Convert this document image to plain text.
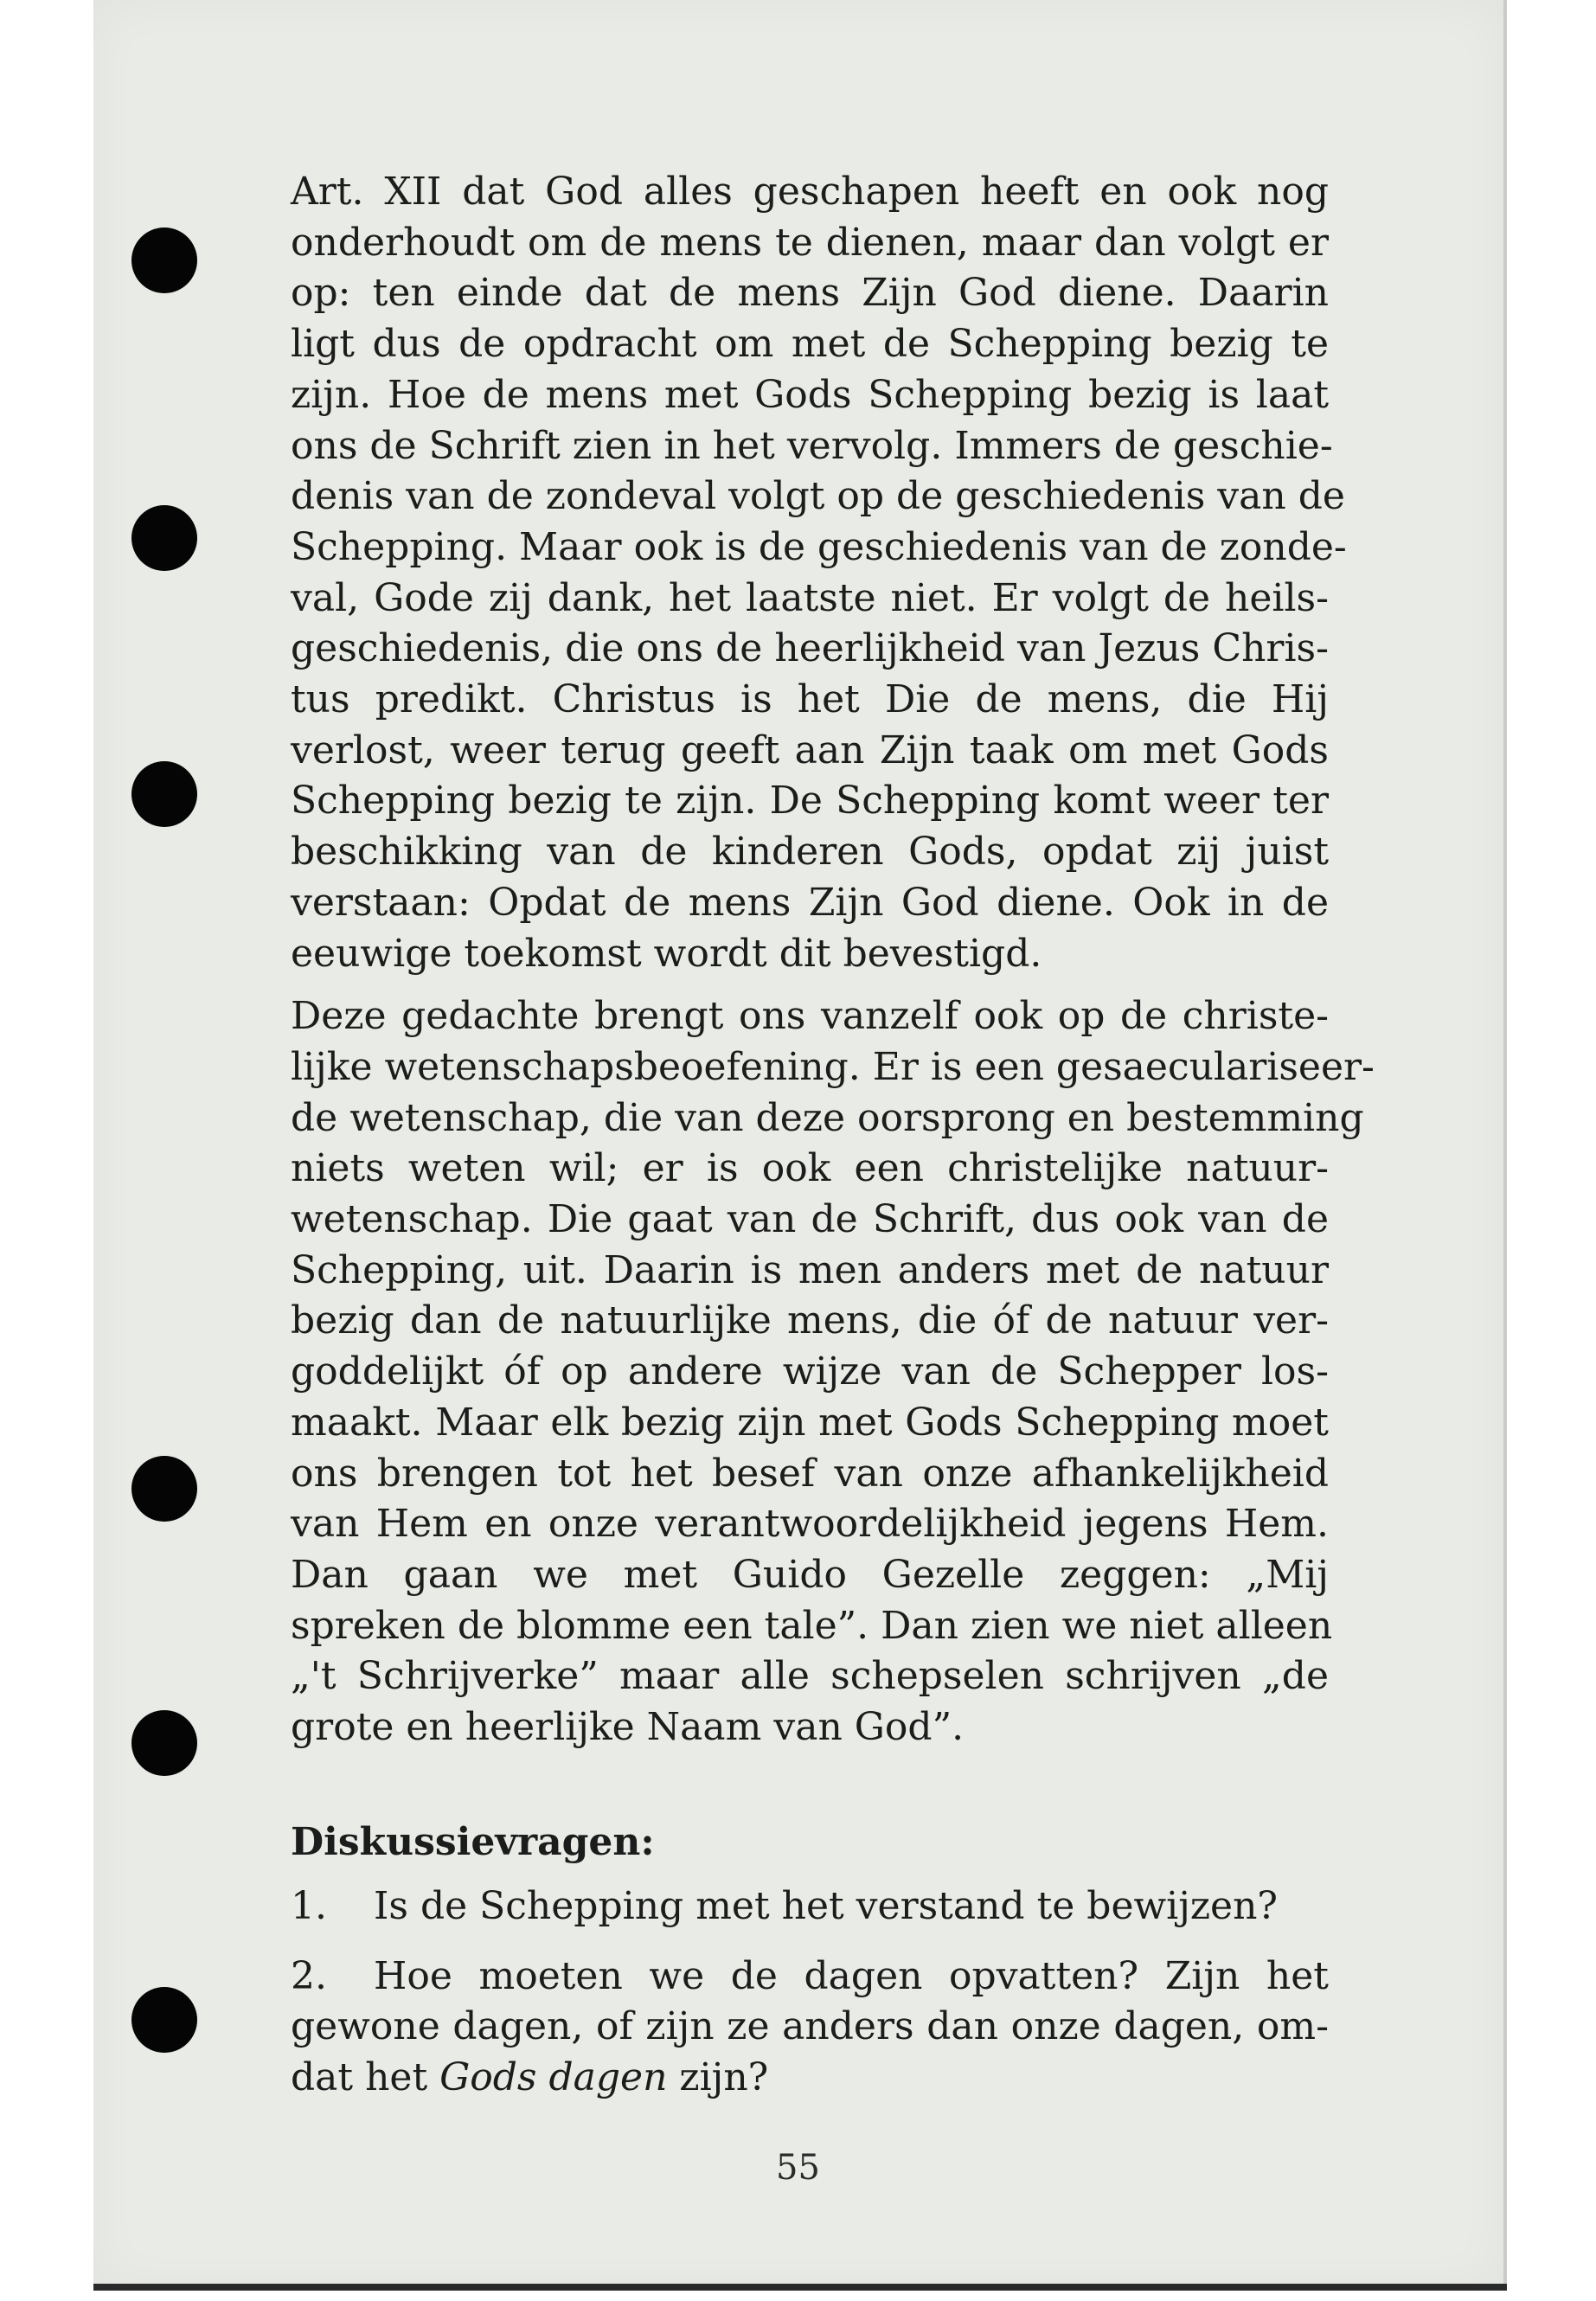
Art. XII dat God alles geschapen heeft en ook nog
onderhoudt om de mens te dienen, maar dan volgt er
op: ten einde dat de mens Zijn God diene. Daarin
ligt dus de opdracht om met de Schepping bezig te
zijn. Hoe de mens met Gods Schepping bezig is laat
ons de Schrift zien in het vervolg. Immers de geschie-
denis van de zondeval volgt op de geschiedenis van de
Schepping. Maar ook is de geschiedenis van de zonde-
val, Gode zij dank, het laatste niet. Er volgt de heils-
geschiedenis, die ons de heerlijkheid van Jezus Chris-
tus predikt. Christus is het Die de mens, die Hij
verlost, weer terug geeft aan Zijn taak om met Gods
Schepping bezig te zijn. De Schepping komt weer ter
beschikking van de kinderen Gods, opdat zij juist
verstaan: Opdat de mens Zijn God diene. Ook in de
eeuwige toekomst wordt dit bevestigd.
Deze gedachte brengt ons vanzelf ook op de christe-
lijke wetenschapsbeoefening. Er is een gesaeculariseer-
de wetenschap, die van deze oorsprong en bestemming
niets weten wil; er is ook een christelijke natuur-
wetenschap. Die gaat van de Schrift, dus ook van de
Schepping, uit. Daarin is men anders met de natuur
bezig dan de natuurlijke mens, die óf de natuur ver-
goddelijkt óf op andere wijze van de Schepper los-
maakt. Maar elk bezig zijn met Gods Schepping moet
ons brengen tot het besef van onze afhankelijkheid
van Hem en onze verantwoordelijkheid jegens Hem.
Dan gaan we met Guido Gezelle zeggen: „Mij
spreken de blomme een tale”. Dan zien we niet alleen
„'t Schrijverke” maar alle schepselen schrijven „de
grote en heerlijke Naam van God”.
Diskussievragen:
1. Is de Schepping met het verstand te bewijzen?
2. Hoe moeten we de dagen opvatten? Zijn het
gewone dagen, of zijn ze anders dan onze dagen, om-
dat het Gods dagen zijn?
55
